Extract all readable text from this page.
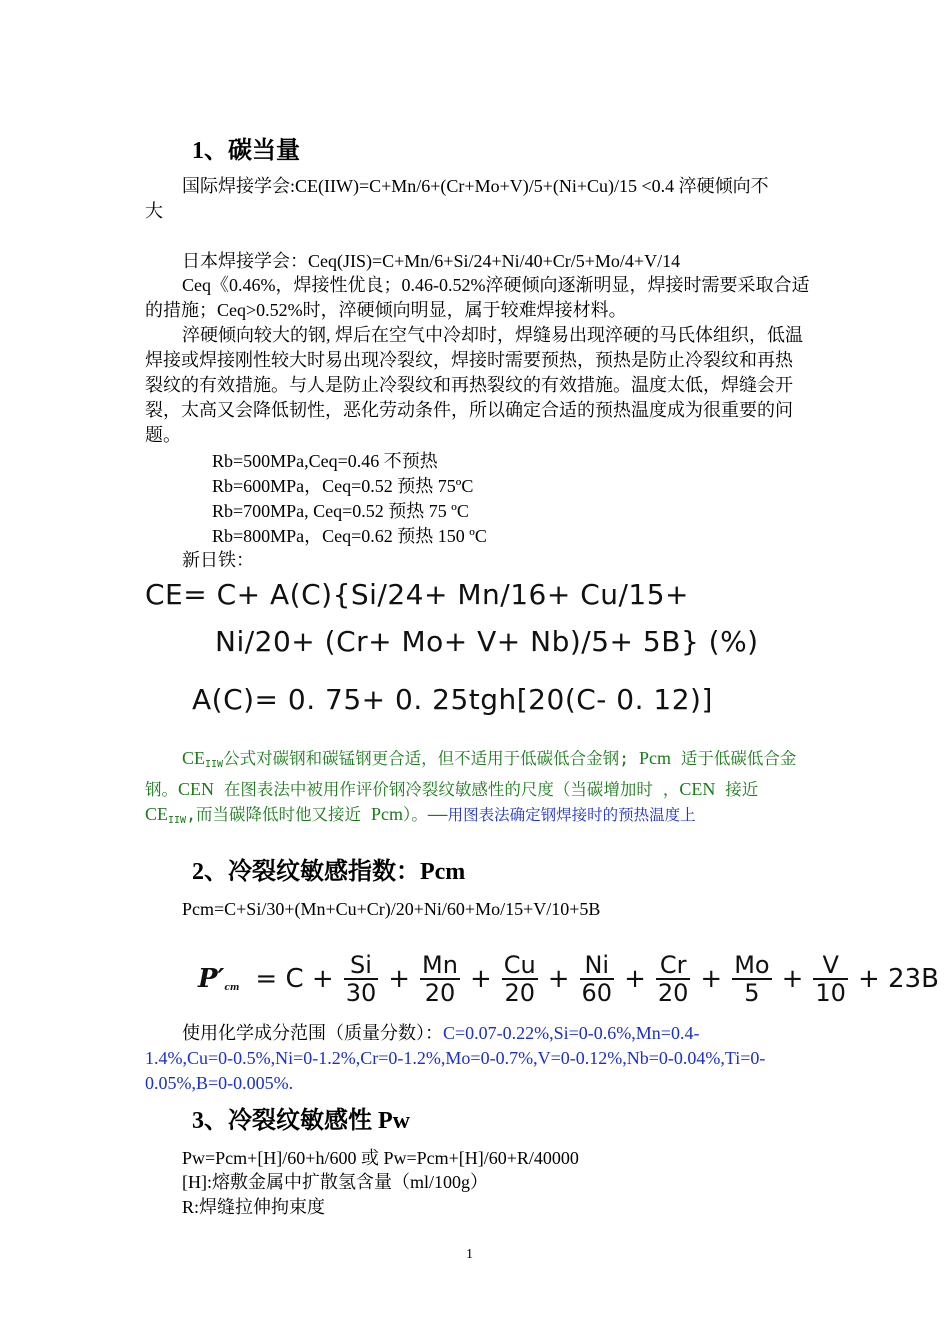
1、碳当量
国际焊接学会:CE(IIW)=C+Mn/6+(Cr+Mo+V)/5+(Ni+Cu)/15 <0.4 淬硬倾向不
大
日本焊接学会：Ceq(JIS)=C+Mn/6+Si/24+Ni/40+Cr/5+Mo/4+V/14
Ceq《0.46%，焊接性优良；0.46-0.52%淬硬倾向逐渐明显，焊接时需要采取合适的措施；Ceq>0.52%时，淬硬倾向明显，属于较难焊接材料。
淬硬倾向较大的钢, 焊后在空气中冷却时，焊缝易出现淬硬的马氏体组织，低温焊接或焊接刚性较大时易出现冷裂纹，焊接时需要预热，预热是防止冷裂纹和再热裂纹的有效措施。与人是防止冷裂纹和再热裂纹的有效措施。温度太低，焊缝会开裂，太高又会降低韧性，恶化劳动条件，所以确定合适的预热温度成为很重要的问题。
Rb=500MPa,Ceq=0.46 不预热
Rb=600MPa，Ceq=0.52 预热 75ºC
Rb=700MPa, Ceq=0.52 预热 75 ºC
Rb=800MPa，Ceq=0.62 预热 150 ºC
新日铁：
CE= C+ A(C){Si/24+ Mn/16+ Cu/15+
Ni/20+ (Cr+ Mo+ V+ Nb)/5+ 5B} (%)
A(C)= 0. 75+ 0. 25tgh[20(C- 0. 12)]
$CE_{IIW}$公式对碳钢和碳锰钢更合适，但不适用于低碳低合金钢; Pcm 适于低碳低合金钢。CEN 在图表法中被用作评价钢冷裂纹敏感性的尺度（当碳增加时 ，CEN 接近 $CE_{IIW}$,而当碳降低时他又接近 Pcm）。——用图表法确定钢焊接时的预热温度上
2、冷裂纹敏感指数：Pcm
Pcm=C+Si/30+(Mn+Cu+Cr)/20+Ni/60+Mo/15+V/10+5B
$P'_{cm} = C + \frac{Si}{30} + \frac{Mn}{20} + \frac{Cu}{20} + \frac{Ni}{60} + \frac{Cr}{20} + \frac{Mo}{5} + \frac{V}{10} + 23B$
使用化学成分范围（质量分数）：C=0.07-0.22%,Si=0-0.6%,Mn=0.4-
1.4%,Cu=0-0.5%,Ni=0-1.2%,Cr=0-1.2%,Mo=0-0.7%,V=0-0.12%,Nb=0-0.04%,Ti=0-
0.05%,B=0-0.005%.
3、冷裂纹敏感性 Pw
Pw=Pcm+[H]/60+h/600 或 Pw=Pcm+[H]/60+R/40000
[H]:熔敷金属中扩散氢含量（ml/100g）
R:焊缝拉伸拘束度
1
